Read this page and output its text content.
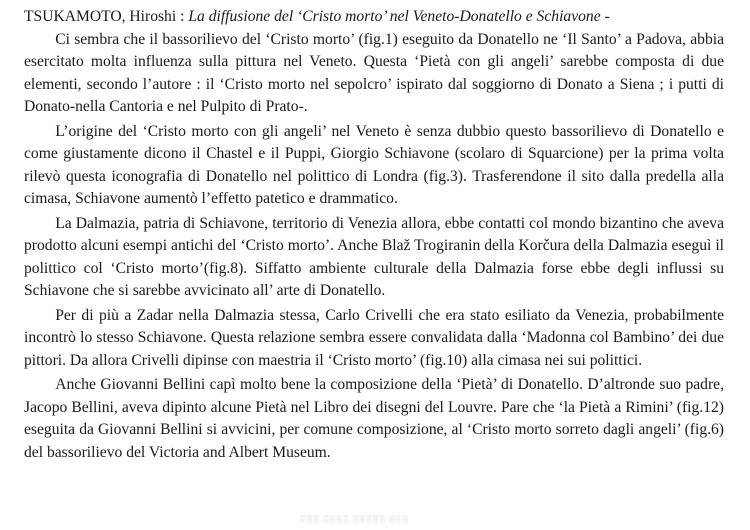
TSUKAMOTO, Hiroshi : La diffusione del ‘Cristo morto’ nel Veneto-Donatello e Schiavone -

Ci sembra che il bassorilievo del ‘Cristo morto’ (fig.1) eseguito da Donatello ne ‘Il Santo’ a Padova, abbia esercitato molta influenza sulla pittura nel Veneto. Questa ‘Pietà con gli angeli’ sarebbe composta di due elementi, secondo l’autore : il ‘Cristo morto nel sepolcro’ ispirato dal soggiorno di Donato a Siena ; i putti di Donato-nella Cantoria e nel Pulpito di Prato-.

L’origine del ‘Cristo morto con gli angeli’ nel Veneto è senza dubbio questo bassorilievo di Donatello e come giustamente dicono il Chastel e il Puppi, Giorgio Schiavone (scolaro di Squarcione) per la prima volta rilevò questa iconografia di Donatello nel polittico di Londra (fig.3). Trasferendone il sito dalla predella alla cimasa, Schiavone aumentò l’effetto patetico e drammatico.

La Dalmazia, patria di Schiavone, territorio di Venezia allora, ebbe contatti col mondo bizantino che aveva prodotto alcuni esempi antichi del ‘Cristo morto’. Anche Blaž Trogiranin della Korčura della Dalmazia eseguì il polittico col ‘Cristo morto’(fig.8). Siffatto ambiente culturale della Dalmazia forse ebbe degli influssi su Schiavone che si sarebbe avvicinato all’ arte di Donatello.

Per di più a Zadar nella Dalmazia stessa, Carlo Crivelli che era stato esiliato da Venezia, probabilmente incontrò lo stesso Schiavone. Questa relazione sembra essere convalidata dalla ‘Madonna col Bambino’ dei due pittori. Da allora Crivelli dipinse con maestria il ‘Cristo morto’ (fig.10) alla cimasa nei sui polittici.

Anche Giovanni Bellini capì molto bene la composizione della ‘Pietà’ di Donatello. D’altronde suo padre, Jacopo Bellini, aveva dipinto alcune Pietà nel Libro dei disegni del Louvre. Pare che ‘la Pietà a Rimini’ (fig.12) eseguita da Giovanni Bellini si avvicini, per comune composizione, al ‘Cristo morto sorreto dagli angeli’ (fig.6) del bassorilievo del Victoria and Albert Museum.

▒▒▒ ▒▒▒▒ ▒▒▒▒▒ ▒▒▒
